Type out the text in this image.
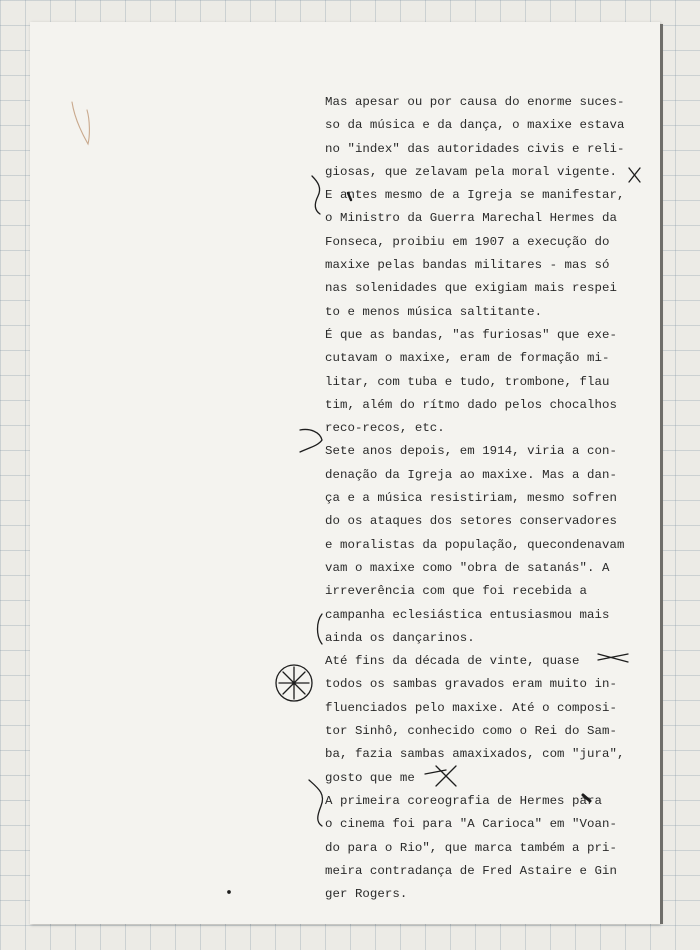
Mas apesar ou por causa do enorme suces-
so da música e da dança, o maxixe estava
no "index" das autoridades civis e reli-
giosas, que zelavam pela moral vigente.
E antes mesmo de a Igreja se manifestar,
o Ministro da Guerra Marechal Hermes da
Fonseca, proibiu em 1907 a execução do
maxixe pelas bandas militares - mas só
nas solenidades que exigiam mais respei
to e menos música saltitante.
É que as bandas, "as furiosas" que exe-
cutavam o maxixe, eram de formação mi-
litar, com tuba e tudo, trombone, flau
tim, além do rítmo dado pelos chocalhos
reco-recos, etc.
Sete anos depois, em 1914, viria a con-
denação da Igreja ao maxixe. Mas a dan-
ça e a música resistiriam, mesmo sofren
do os ataques dos setores conservadores
e moralistas da população, quecondenavam
vam o maxixe como "obra de satanás". A
irreverência com que foi recebida a
campanha eclesiástica entusiasmou mais
ainda os dançarinos.
Até fins da década de vinte, quase
todos os sambas gravados eram muito in-
fluenciados pelo maxixe. Até o composi-
tor Sinhô, conhecido como o Rei do Sam-
ba, fazia sambas amaxixados, com "jura",
gosto que me
A primeira coreografia de Hermes para
o cinema foi para "A Carioca" em "Voan-
do para o Rio", que marca também a pri-
meira contradança de Fred Astaire e Gin
ger Rogers.
